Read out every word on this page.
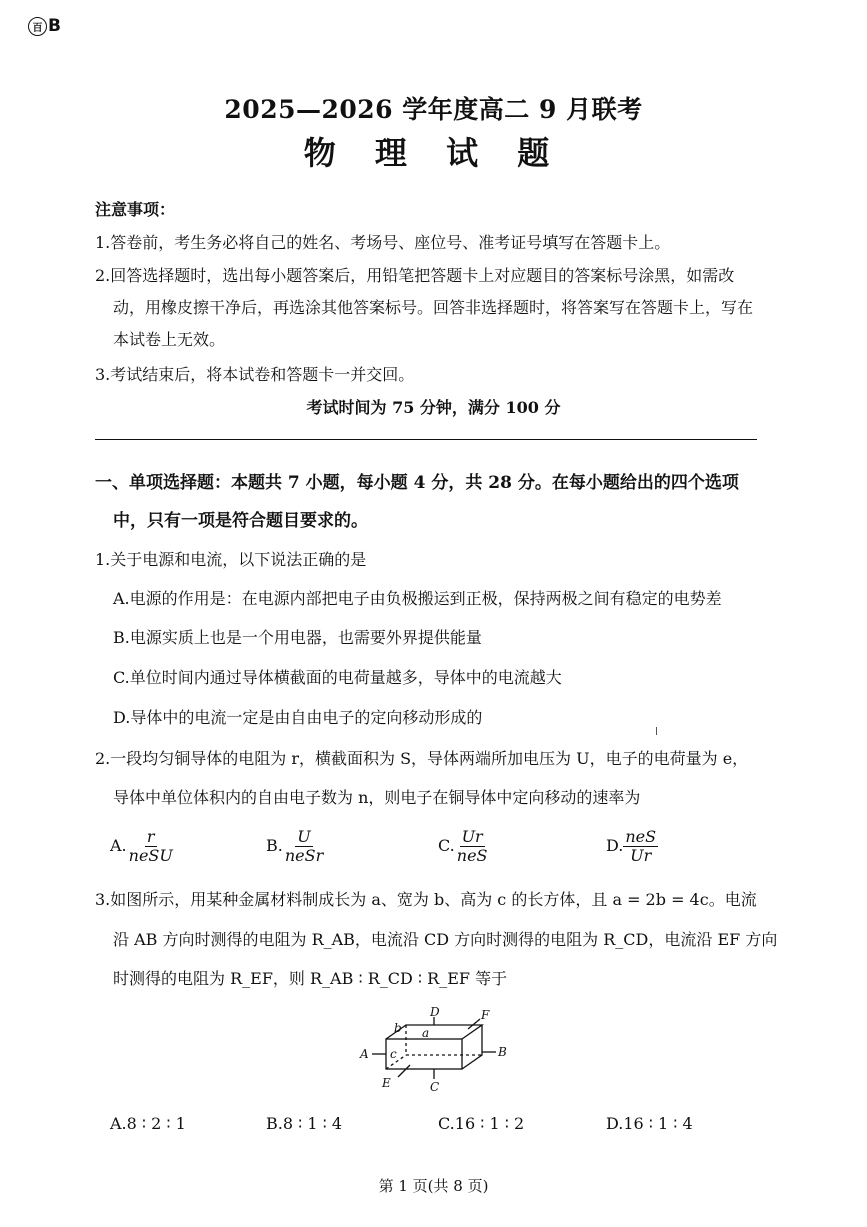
百 B
2025—2026 学年度高二 9 月联考
物 理 试 题
注意事项：
1.答卷前，考生务必将自己的姓名、考场号、座位号、准考证号填写在答题卡上。
2.回答选择题时，选出每小题答案后，用铅笔把答题卡上对应题目的答案标号涂黑，如需改
动，用橡皮擦干净后，再选涂其他答案标号。回答非选择题时，将答案写在答题卡上，写在
本试卷上无效。
3.考试结束后，将本试卷和答题卡一并交回。
考试时间为 75 分钟，满分 100 分
一、单项选择题：本题共 7 小题，每小题 4 分，共 28 分。在每小题给出的四个选项
中，只有一项是符合题目要求的。
1.关于电源和电流，以下说法正确的是
A.电源的作用是：在电源内部把电子由负极搬运到正极，保持两极之间有稳定的电势差
B.电源实质上也是一个用电器，也需要外界提供能量
C.单位时间内通过导体横截面的电荷量越多，导体中的电流越大
D.导体中的电流一定是由自由电子的定向移动形成的
2.一段均匀铜导体的电阻为 r，横截面积为 S，导体两端所加电压为 U，电子的电荷量为 e，
导体中单位体积内的自由电子数为 n，则电子在铜导体中定向移动的速率为
A. $\frac{r}{\text{neSU}}$	B. $\frac{U}{\text{neSr}}$	C. $\frac{Ur}{\text{neS}}$	D. $\frac{\text{neS}}{Ur}$
3.如图所示，用某种金属材料制成长为 a、宽为 b、高为 c 的长方体，且 a = 2b = 4c。电流
沿 AB 方向时测得的电阻为 R_AB，电流沿 CD 方向时测得的电阻为 R_CD，电流沿 EF 方向
时测得的电阻为 R_EF，则 R_AB ∶ R_CD ∶ R_EF 等于
A	B
C
D
E
F
a
b
c
A.8 ∶ 2 ∶ 1	B.8 ∶ 1 ∶ 4	C.16 ∶ 1 ∶ 2	D.16 ∶ 1 ∶ 4
第 1 页(共 8 页)
